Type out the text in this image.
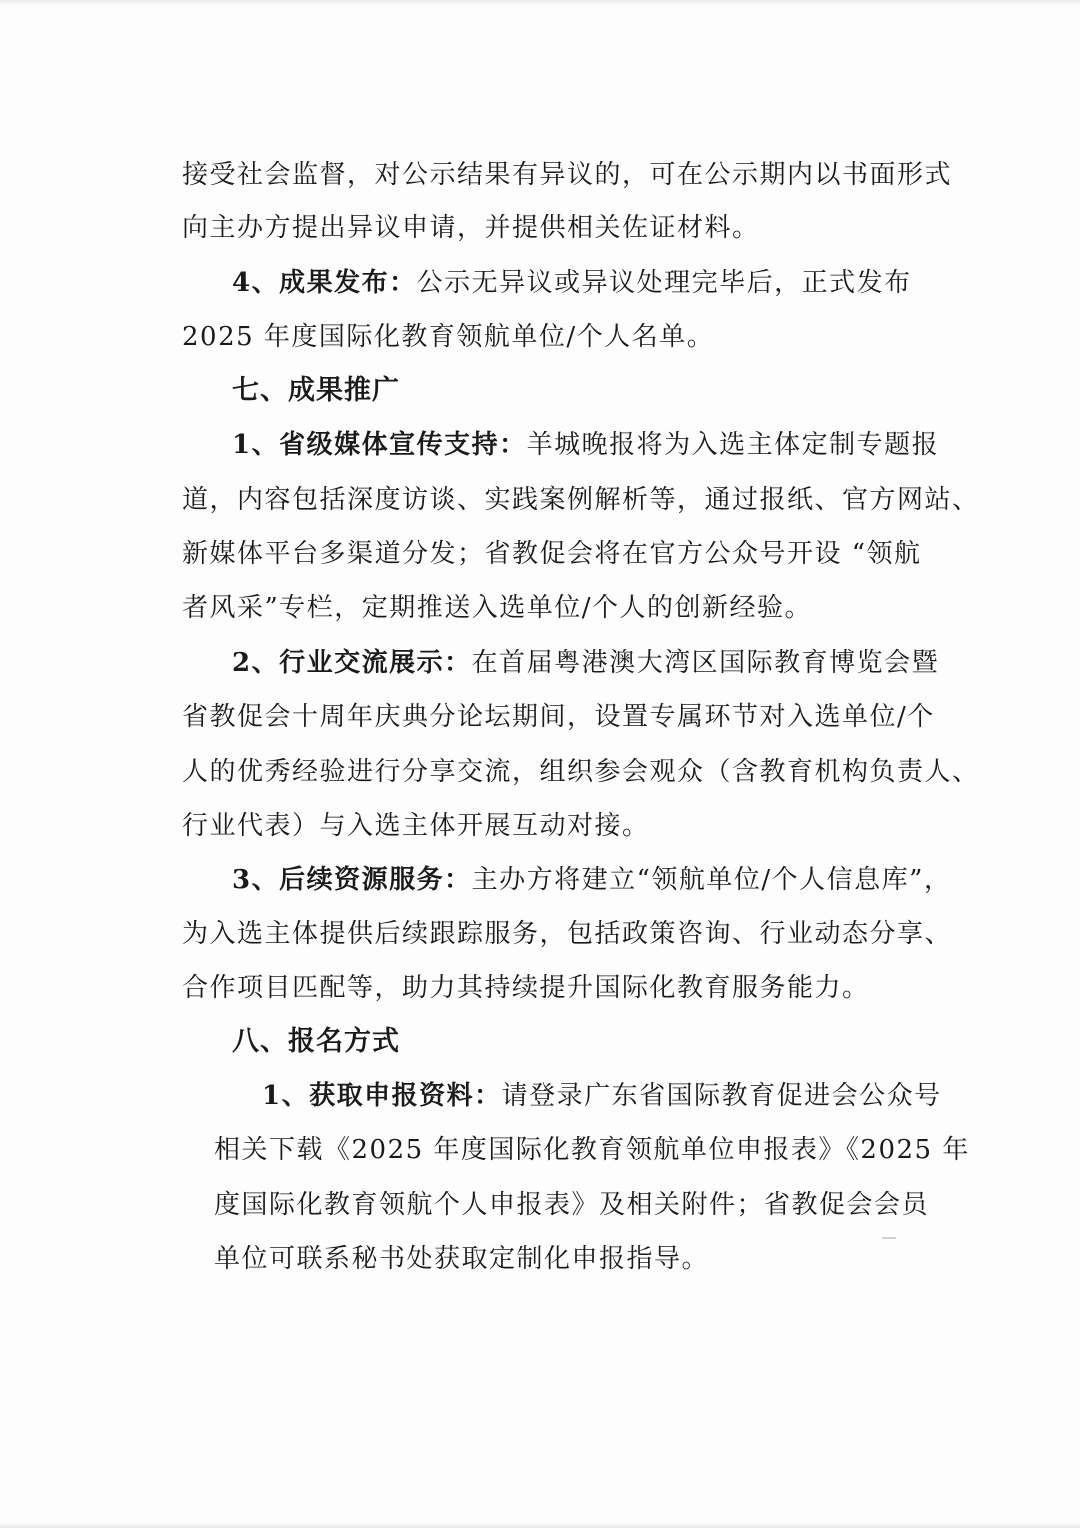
接受社会监督，对公示结果有异议的，可在公示期内以书面形式
向主办方提出异议申请，并提供相关佐证材料。
4、成果发布：公示无异议或异议处理完毕后，正式发布
2025 年度国际化教育领航单位/个人名单。
七、成果推广
1、省级媒体宣传支持：羊城晚报将为入选主体定制专题报
道，内容包括深度访谈、实践案例解析等，通过报纸、官方网站、
新媒体平台多渠道分发；省教促会将在官方公众号开设 “领航
者风采”专栏，定期推送入选单位/个人的创新经验。
2、行业交流展示：在首届粤港澳大湾区国际教育博览会暨
省教促会十周年庆典分论坛期间，设置专属环节对入选单位/个
人的优秀经验进行分享交流，组织参会观众（含教育机构负责人、
行业代表）与入选主体开展互动对接。
3、后续资源服务：主办方将建立“领航单位/个人信息库”，
为入选主体提供后续跟踪服务，包括政策咨询、行业动态分享、
合作项目匹配等，助力其持续提升国际化教育服务能力。
八、报名方式
1、获取申报资料：请登录广东省国际教育促进会公众号
相关下载《2025 年度国际化教育领航单位申报表》《2025 年
度国际化教育领航个人申报表》及相关附件；省教促会会员
单位可联系秘书处获取定制化申报指导。
